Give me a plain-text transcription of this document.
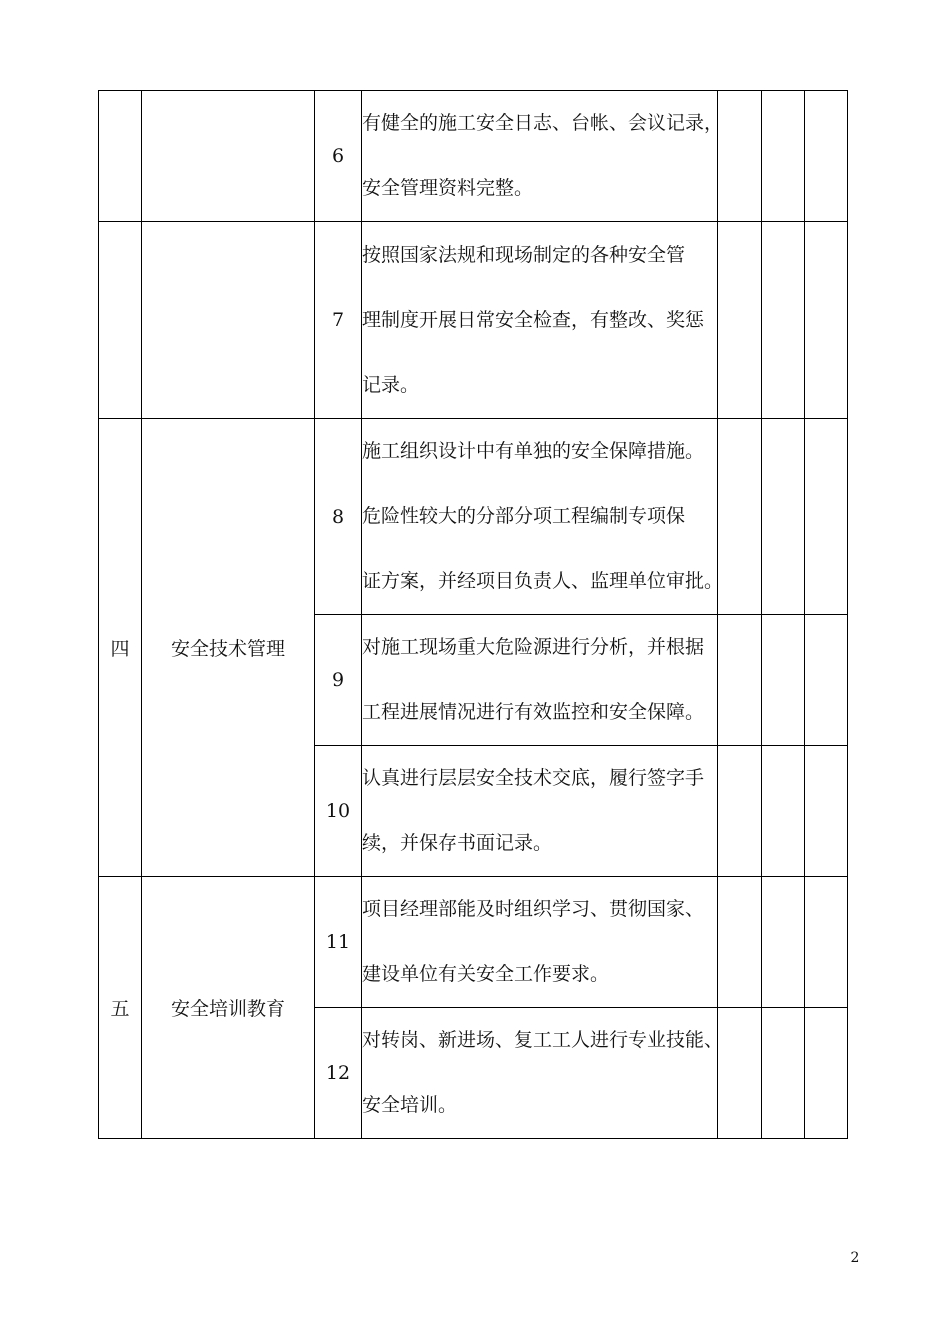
		6	有健全的施工安全日志、台帐、会议记录，
安全管理资料完整。			

		7	按照国家法规和现场制定的各种安全管
理制度开展日常安全检查，有整改、奖惩
记录。			

四	安全技术管理	8	施工组织设计中有单独的安全保障措施。
危险性较大的分部分项工程编制专项保
证方案，并经项目负责人、监理单位审批。			

		9	对施工现场重大危险源进行分析，并根据
工程进展情况进行有效监控和安全保障。			

		10	认真进行层层安全技术交底，履行签字手
续，并保存书面记录。			

五	安全培训教育	11	项目经理部能及时组织学习、贯彻国家、
建设单位有关安全工作要求。			

		12	对转岗、新进场、复工工人进行专业技能、
安全培训。			

2
